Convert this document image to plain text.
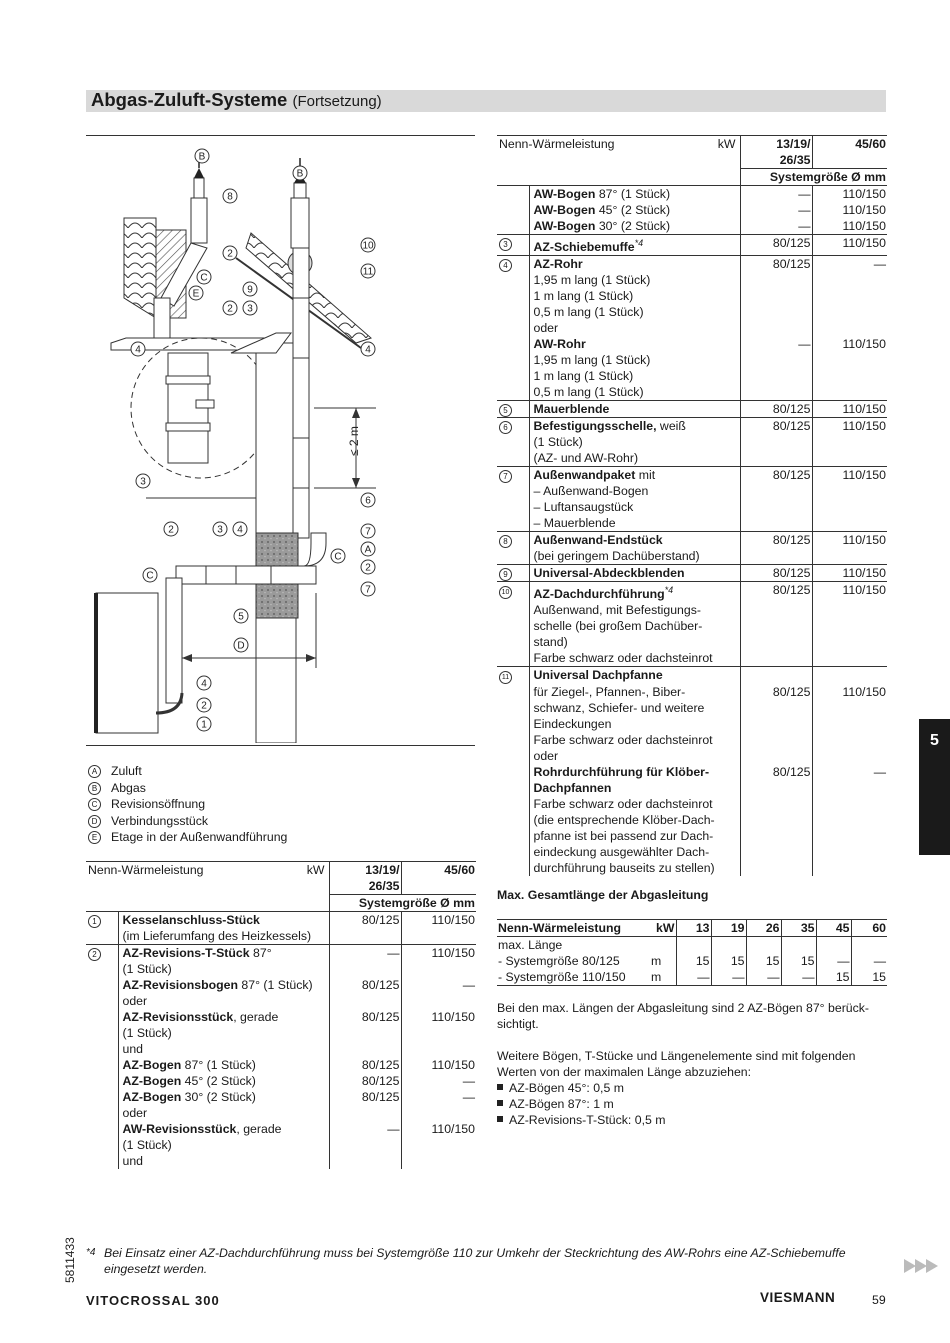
Abgas-Zuluft-Systeme (Fortsetzung)
≤ 2 m
B
B
8
2
C
E	9
3
2
10
11
4	4
6
7
A
C
2
7
3
2	3 4
C
5
D
4
2
1
A Zuluft
B Abgas
C Revisionsöffnung
D Verbindungsstück
E Etage in der Außenwandführung
Nenn-Wärmeleistung kW		13/19/ 26/35	45/60
		Systemgröße Ø mm	
1	Kesselanschluss-Stück	80/125	110/150
	(im Lieferumfang des Heizkessels)		
2	AZ-Revisions-T-Stück 87°	—	110/150
	(1 Stück)		
	AZ-Revisionsbogen 87° (1 Stück)	80/125	—
	oder		
	AZ-Revisionsstück, gerade	80/125	110/150
	(1 Stück)		
	und		
	AZ-Bogen 87° (1 Stück)	80/125	110/150
	AZ-Bogen 45° (2 Stück)	80/125	—
	AZ-Bogen 30° (2 Stück)	80/125	—
	oder		
	AW-Revisionsstück, gerade	—	110/150
	(1 Stück)		
	und		
Nenn-Wärmeleistung kW		13/19/ 26/35	45/60
		Systemgröße Ø mm	
	AW-Bogen 87° (1 Stück)	—	110/150
	AW-Bogen 45° (2 Stück)	—	110/150
	AW-Bogen 30° (2 Stück)	—	110/150
3	AZ-Schiebemuffe$^{*4}$	80/125	110/150
4	AZ-Rohr	80/125	—
	1,95 m lang (1 Stück)		
	1 m lang (1 Stück)		
	0,5 m lang (1 Stück)		
	oder		
	AW-Rohr	—	110/150
	1,95 m lang (1 Stück)		
	1 m lang (1 Stück)		
	0,5 m lang (1 Stück)		
5	Mauerblende	80/125	110/150
6	Befestigungsschelle, weiß	80/125	110/150
	(1 Stück)		
	(AZ- und AW-Rohr)		
7	Außenwandpaket mit	80/125	110/150
	– Außenwand-Bogen		
	– Luftansaugstück		
	– Mauerblende		
8	Außenwand-Endstück	80/125	110/150
	(bei geringem Dachüberstand)		
9	Universal-Abdeckblenden	80/125	110/150
10	AZ-Dachdurchführung$^{*4}$	80/125	110/150
	Außenwand, mit Befestigungs-		
	schelle (bei großem Dachüber-		
	stand)		
	Farbe schwarz oder dachsteinrot		
11	Universal Dachpfanne		
	für Ziegel-, Pfannen-, Biber-	80/125	110/150
	schwanz, Schiefer- und weitere		
	Eindeckungen		
	Farbe schwarz oder dachsteinrot		
	oder		
	Rohrdurchführung für Klöber-	80/125	—
	Dachpfannen		
	Farbe schwarz oder dachsteinrot		
	(die entsprechende Klöber-Dach-		
	pfanne ist bei passend zur Dach-		
	eindeckung ausgewählter Dach-		
	durchführung bauseits zu stellen)		
Max. Gesamtlänge der Abgasleitung
Nenn-Wärmeleistung	kW	13	19	26	35	45	60
max. Länge							
- Systemgröße 80/125	m	15	15	15	15	—	—
- Systemgröße 110/150	m	—	—	—	—	15	15
Bei den max. Längen der Abgasleitung sind 2 AZ-Bögen 87° berück-sichtigt.
Weitere Bögen, T-Stücke und Längenelemente sind mit folgenden Werten von der maximalen Länge abzuziehen:
AZ-Bögen 45°: 0,5 m
AZ-Bögen 87°: 1 m
AZ-Revisions-T-Stück: 0,5 m
5
5811433 *4 Bei Einsatz einer AZ-Dachdurchführung muss bei Systemgröße 110 zur Umkehr der Steckrichtung des AW-Rohrs eine AZ-Schiebemuffe eingesetzt werden.
VITOCROSSAL 300	VIESMANN	59
